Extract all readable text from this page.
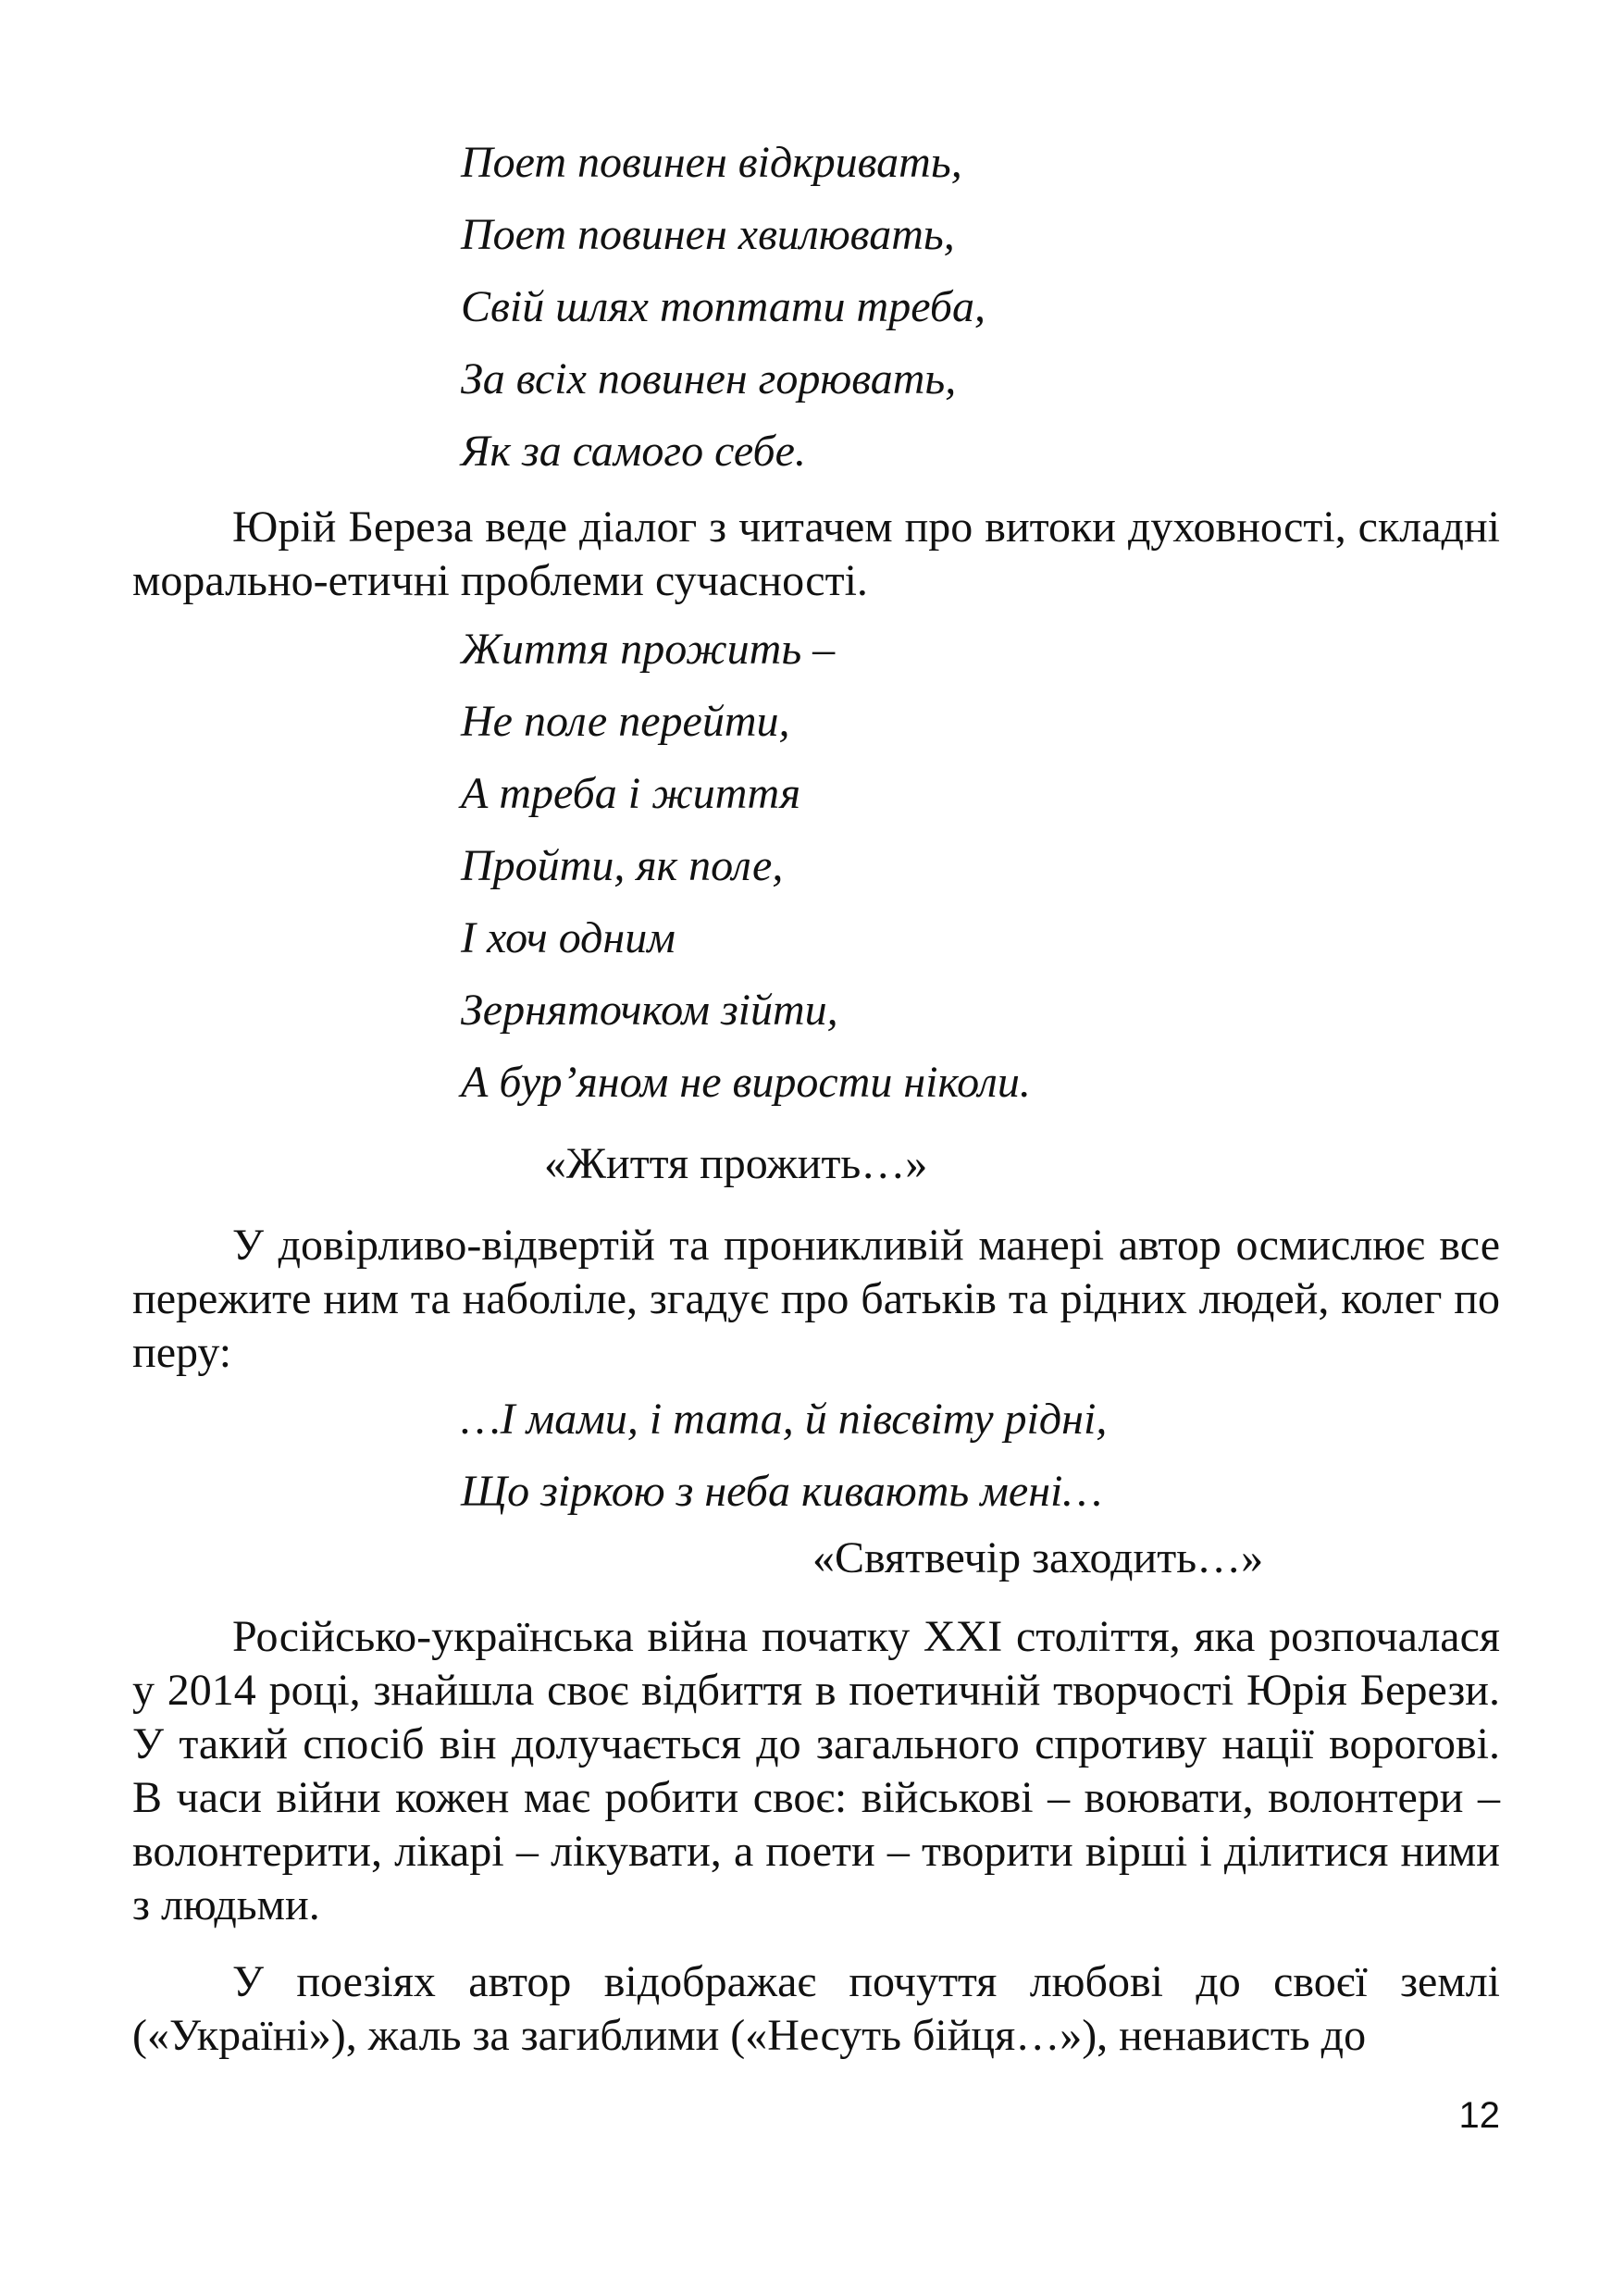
Поет повинен відкривать,
Поет повинен хвилювать,
Свій шлях топтати треба,
За всіх повинен горювать,
Як за самого себе.

Юрій Береза веде діалог з читачем про витоки духовності, складні морально-етичні проблеми сучасності.

Життя прожить –
Не поле перейти,
А треба і життя
Пройти, як поле,
І хоч одним
Зерняточком зійти,
А бур’яном не вирости ніколи.

«Життя прожить…»

У довірливо-відвертій та проникливій манері автор осмислює все пережите ним та наболіле, згадує про батьків та рідних людей, колег по перу:

…І мами, і тата, й півсвіту рідні,
Що зіркою з неба кивають мені…

«Святвечір заходить…»

Російсько-українська війна початку XXI століття, яка розпочалася у 2014 році, знайшла своє відбиття в поетичній творчості Юрія Берези. У такий спосіб він долучається до загального спротиву нації ворогові. В часи війни кожен має робити своє: військові – воювати, волонтери – волонтерити, лікарі – лікувати, а поети – творити вірші і ділитися ними з людьми.

У поезіях автор відображає почуття любові до своєї землі («Україні»), жаль за загиблими («Несуть бійця…»), ненависть до

12
